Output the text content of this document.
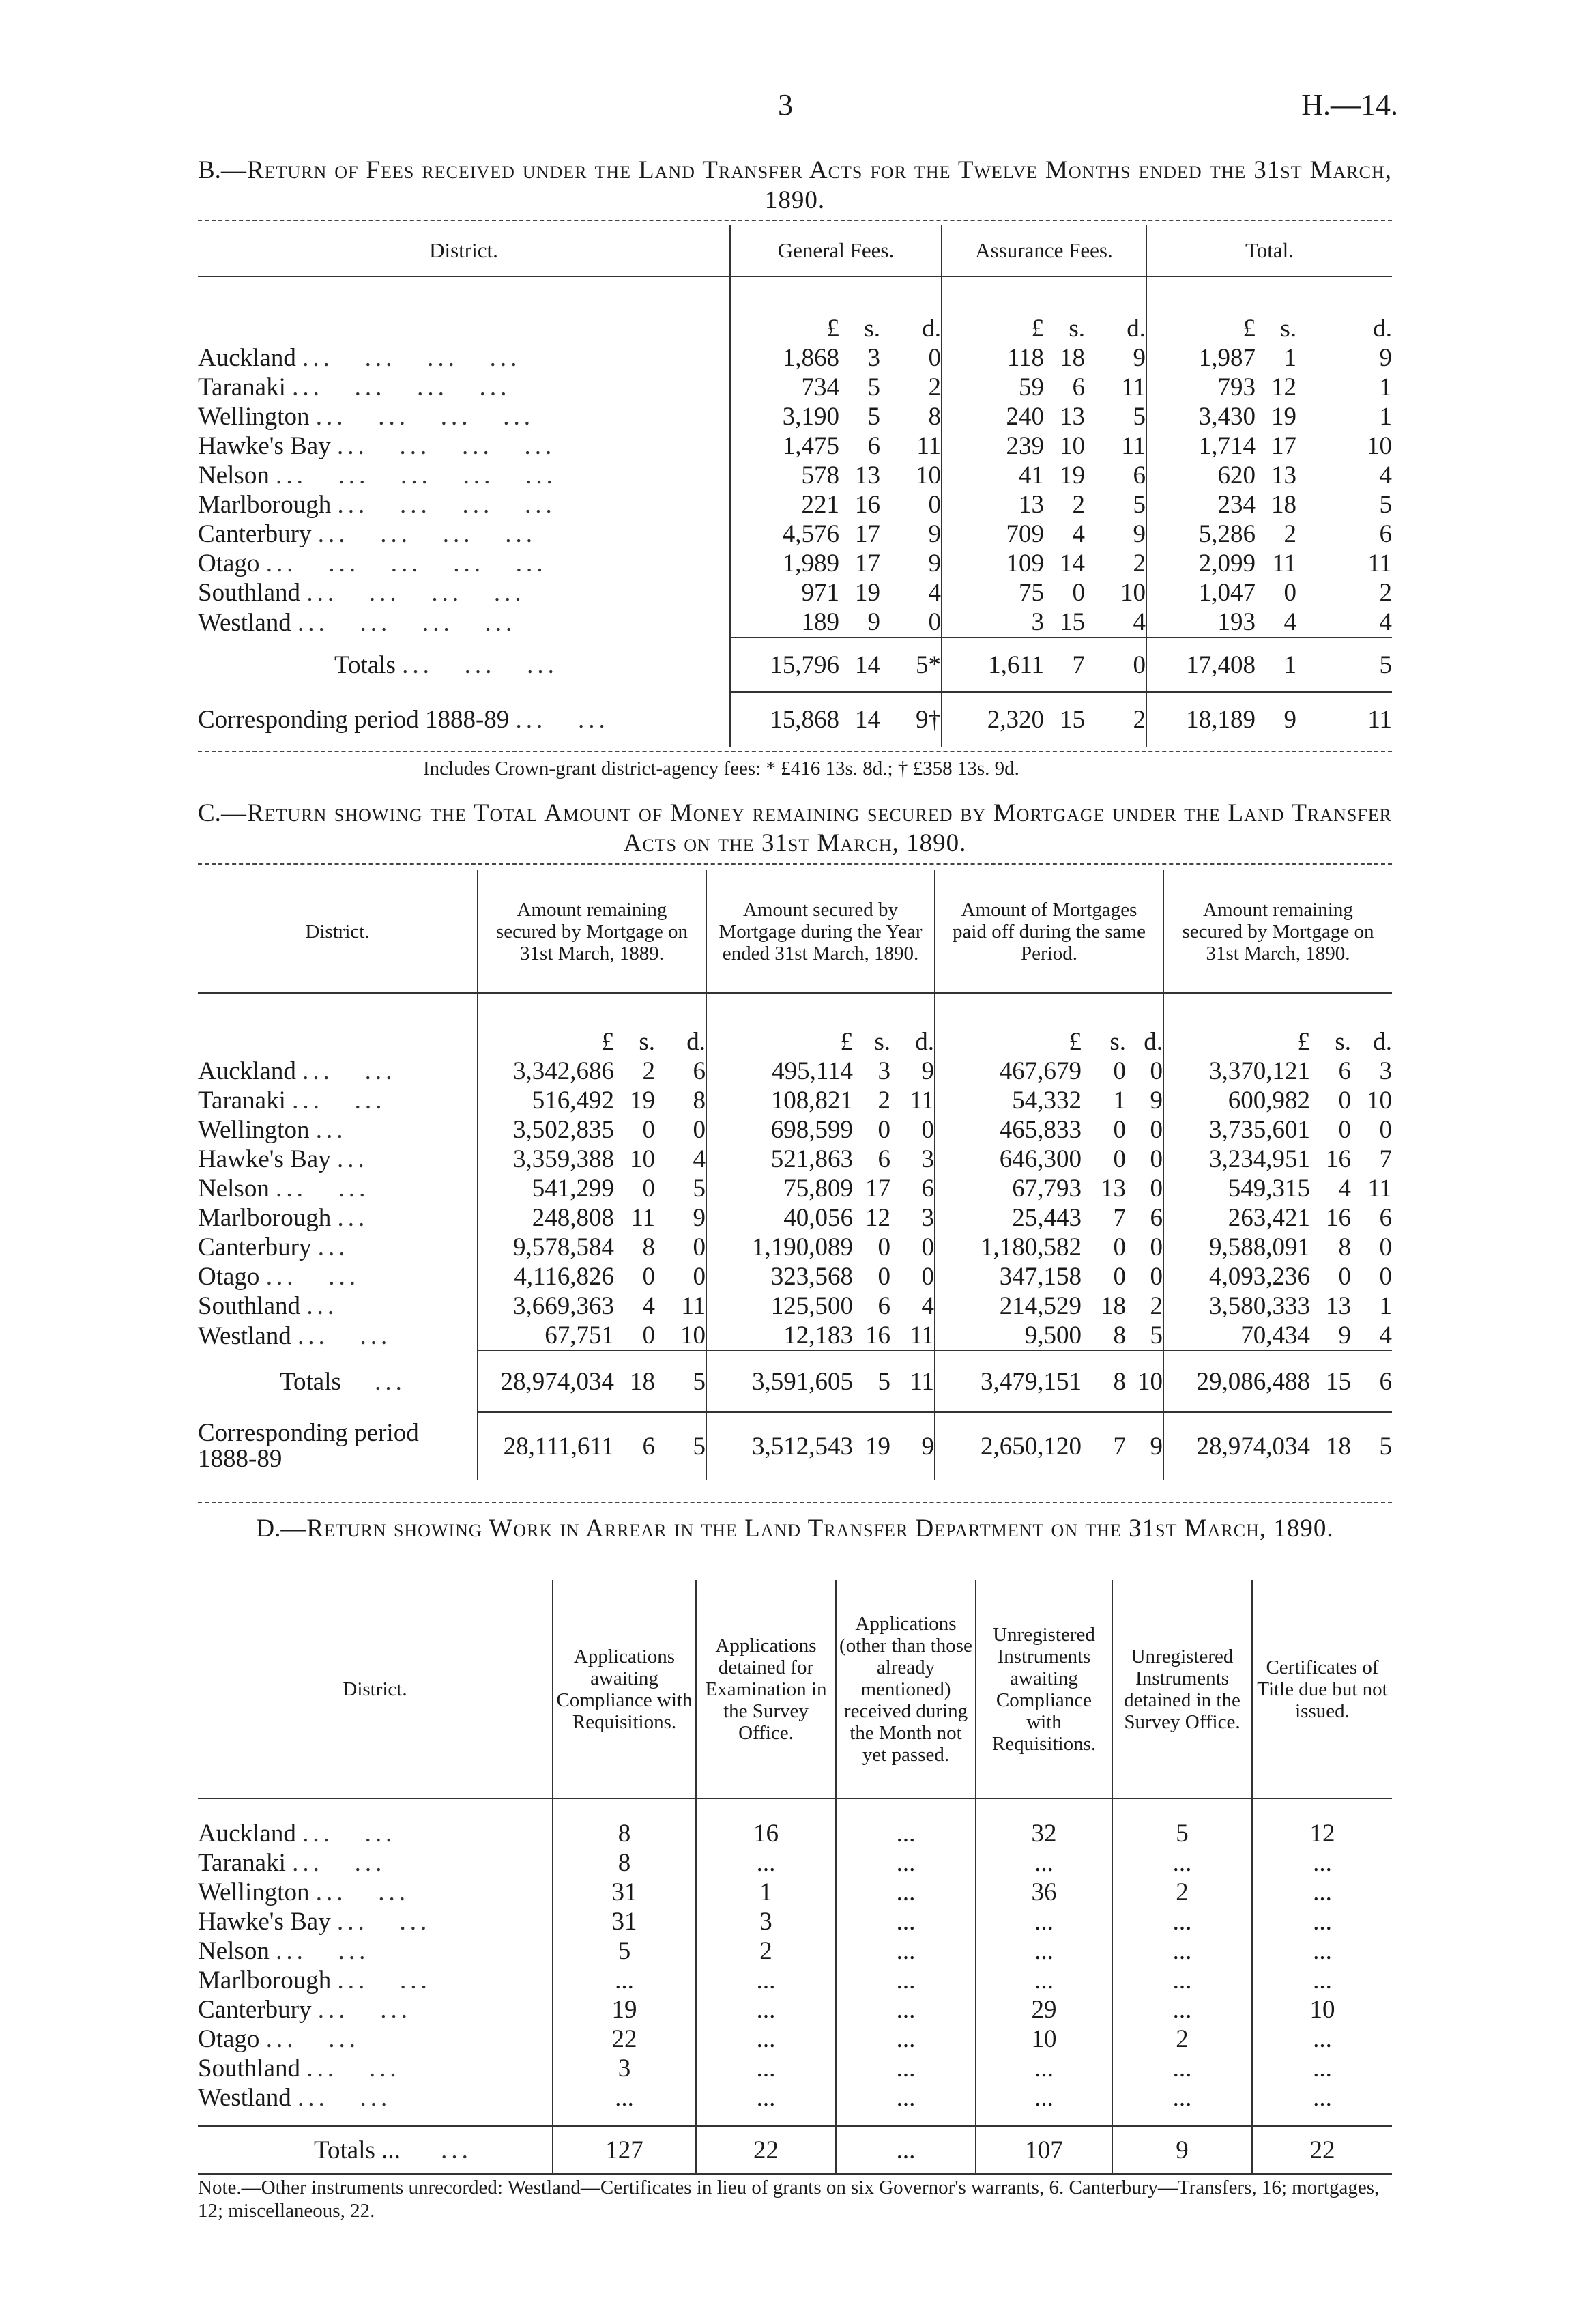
3	H.—14.
B.—Return of Fees received under the Land Transfer Acts for the Twelve Months ended the 31st March, 1890.
District.	General Fees.			Assurance Fees.			Total.		

	£	s.	d.	£	s.	d.	£	s.	d.
Auckland ...   ...   ...   ...	1,868	3	0	118	18	9	1,987	1	9
Taranaki ...   ...   ...   ...	734	5	2	59	6	11	793	12	1
Wellington ...   ...   ...   ...	3,190	5	8	240	13	5	3,430	19	1
Hawke's Bay ...   ...   ...   ...	1,475	6	11	239	10	11	1,714	17	10
Nelson ...   ...   ...   ...   ...	578	13	10	41	19	6	620	13	4
Marlborough ...   ...   ...   ...	221	16	0	13	2	5	234	18	5
Canterbury ...   ...   ...   ...	4,576	17	9	709	4	9	5,286	2	6
Otago ...   ...   ...   ...   ...	1,989	17	9	109	14	2	2,099	11	11
Southland ...   ...   ...   ...	971	19	4	75	0	10	1,047	0	2
Westland ...   ...   ...   ...	189	9	0	3	15	4	193	4	4
Totals ...   ...   ...	15,796	14	5*	1,611	7	0	17,408	1	5
Corresponding period 1888-89 ...   ...	15,868	14	9†	2,320	15	2	18,189	9	11
Includes Crown-grant district-agency fees: * £416 13s. 8d.; † £358 13s. 9d.
C.—Return showing the Total Amount of Money remaining secured by Mortgage under the Land Transfer Acts on the 31st March, 1890.
District.	Amount remaining secured by Mortgage on 31st March, 1889.			Amount secured by Mortgage during the Year ended 31st March, 1890.			Amount of Mortgages paid off during the same Period.			Amount remaining secured by Mortgage on 31st March, 1890.		

	£	s.	d.	£	s.	d.	£	s.	d.	£	s.	d.
Auckland ...   ...	3,342,686	2	6	495,114	3	9	467,679	0	0	3,370,121	6	3
Taranaki ...   ...	516,492	19	8	108,821	2	11	54,332	1	9	600,982	0	10
Wellington ...	3,502,835	0	0	698,599	0	0	465,833	0	0	3,735,601	0	0
Hawke's Bay ...	3,359,388	10	4	521,863	6	3	646,300	0	0	3,234,951	16	7
Nelson ...   ...	541,299	0	5	75,809	17	6	67,793	13	0	549,315	4	11
Marlborough ...	248,808	11	9	40,056	12	3	25,443	7	6	263,421	16	6
Canterbury ...	9,578,584	8	0	1,190,089	0	0	1,180,582	0	0	9,588,091	8	0
Otago ...   ...	4,116,826	0	0	323,568	0	0	347,158	0	0	4,093,236	0	0
Southland ...	3,669,363	4	11	125,500	6	4	214,529	18	2	3,580,333	13	1
Westland ...   ...	67,751	0	10	12,183	16	11	9,500	8	5	70,434	9	4
Totals ...	28,974,034	18	5	3,591,605	5	11	3,479,151	8	10	29,086,488	15	6
Corresponding period 1888-89	28,111,611	6	5	3,512,543	19	9	2,650,120	7	9	28,974,034	18	5
D.—Return showing Work in Arrear in the Land Transfer Department on the 31st March, 1890.
District.	Applications awaiting Compliance with Requisitions.	Applications detained for Examination in the Survey Office.	Applications (other than those already mentioned) received during the Month not yet passed.	Unregistered Instruments awaiting Compliance with Requisitions.	Unregistered Instruments detained in the Survey Office.	Certificates of Title due but not issued.

Auckland ...   ...	8	16	...	32	5	12
Taranaki ...   ...	8	...	...	...	...	...
Wellington ...   ...	31	1	...	36	2	...
Hawke's Bay ...   ...	31	3	...	...	...	...
Nelson ...   ...	5	2	...	...	...	...
Marlborough ...   ...	...	...	...	...	...	...
Canterbury ...   ...	19	...	...	29	...	10
Otago ...   ...	22	...	...	10	2	...
Southland ...   ...	3	...	...	...	...	...
Westland ...   ...	...	...	...	...	...	...

Totals ... ...	127	22	...	107	9	22
Note.—Other instruments unrecorded: Westland—Certificates in lieu of grants on six Governor's warrants, 6. Canterbury—Transfers, 16; mortgages, 12; miscellaneous, 22.
